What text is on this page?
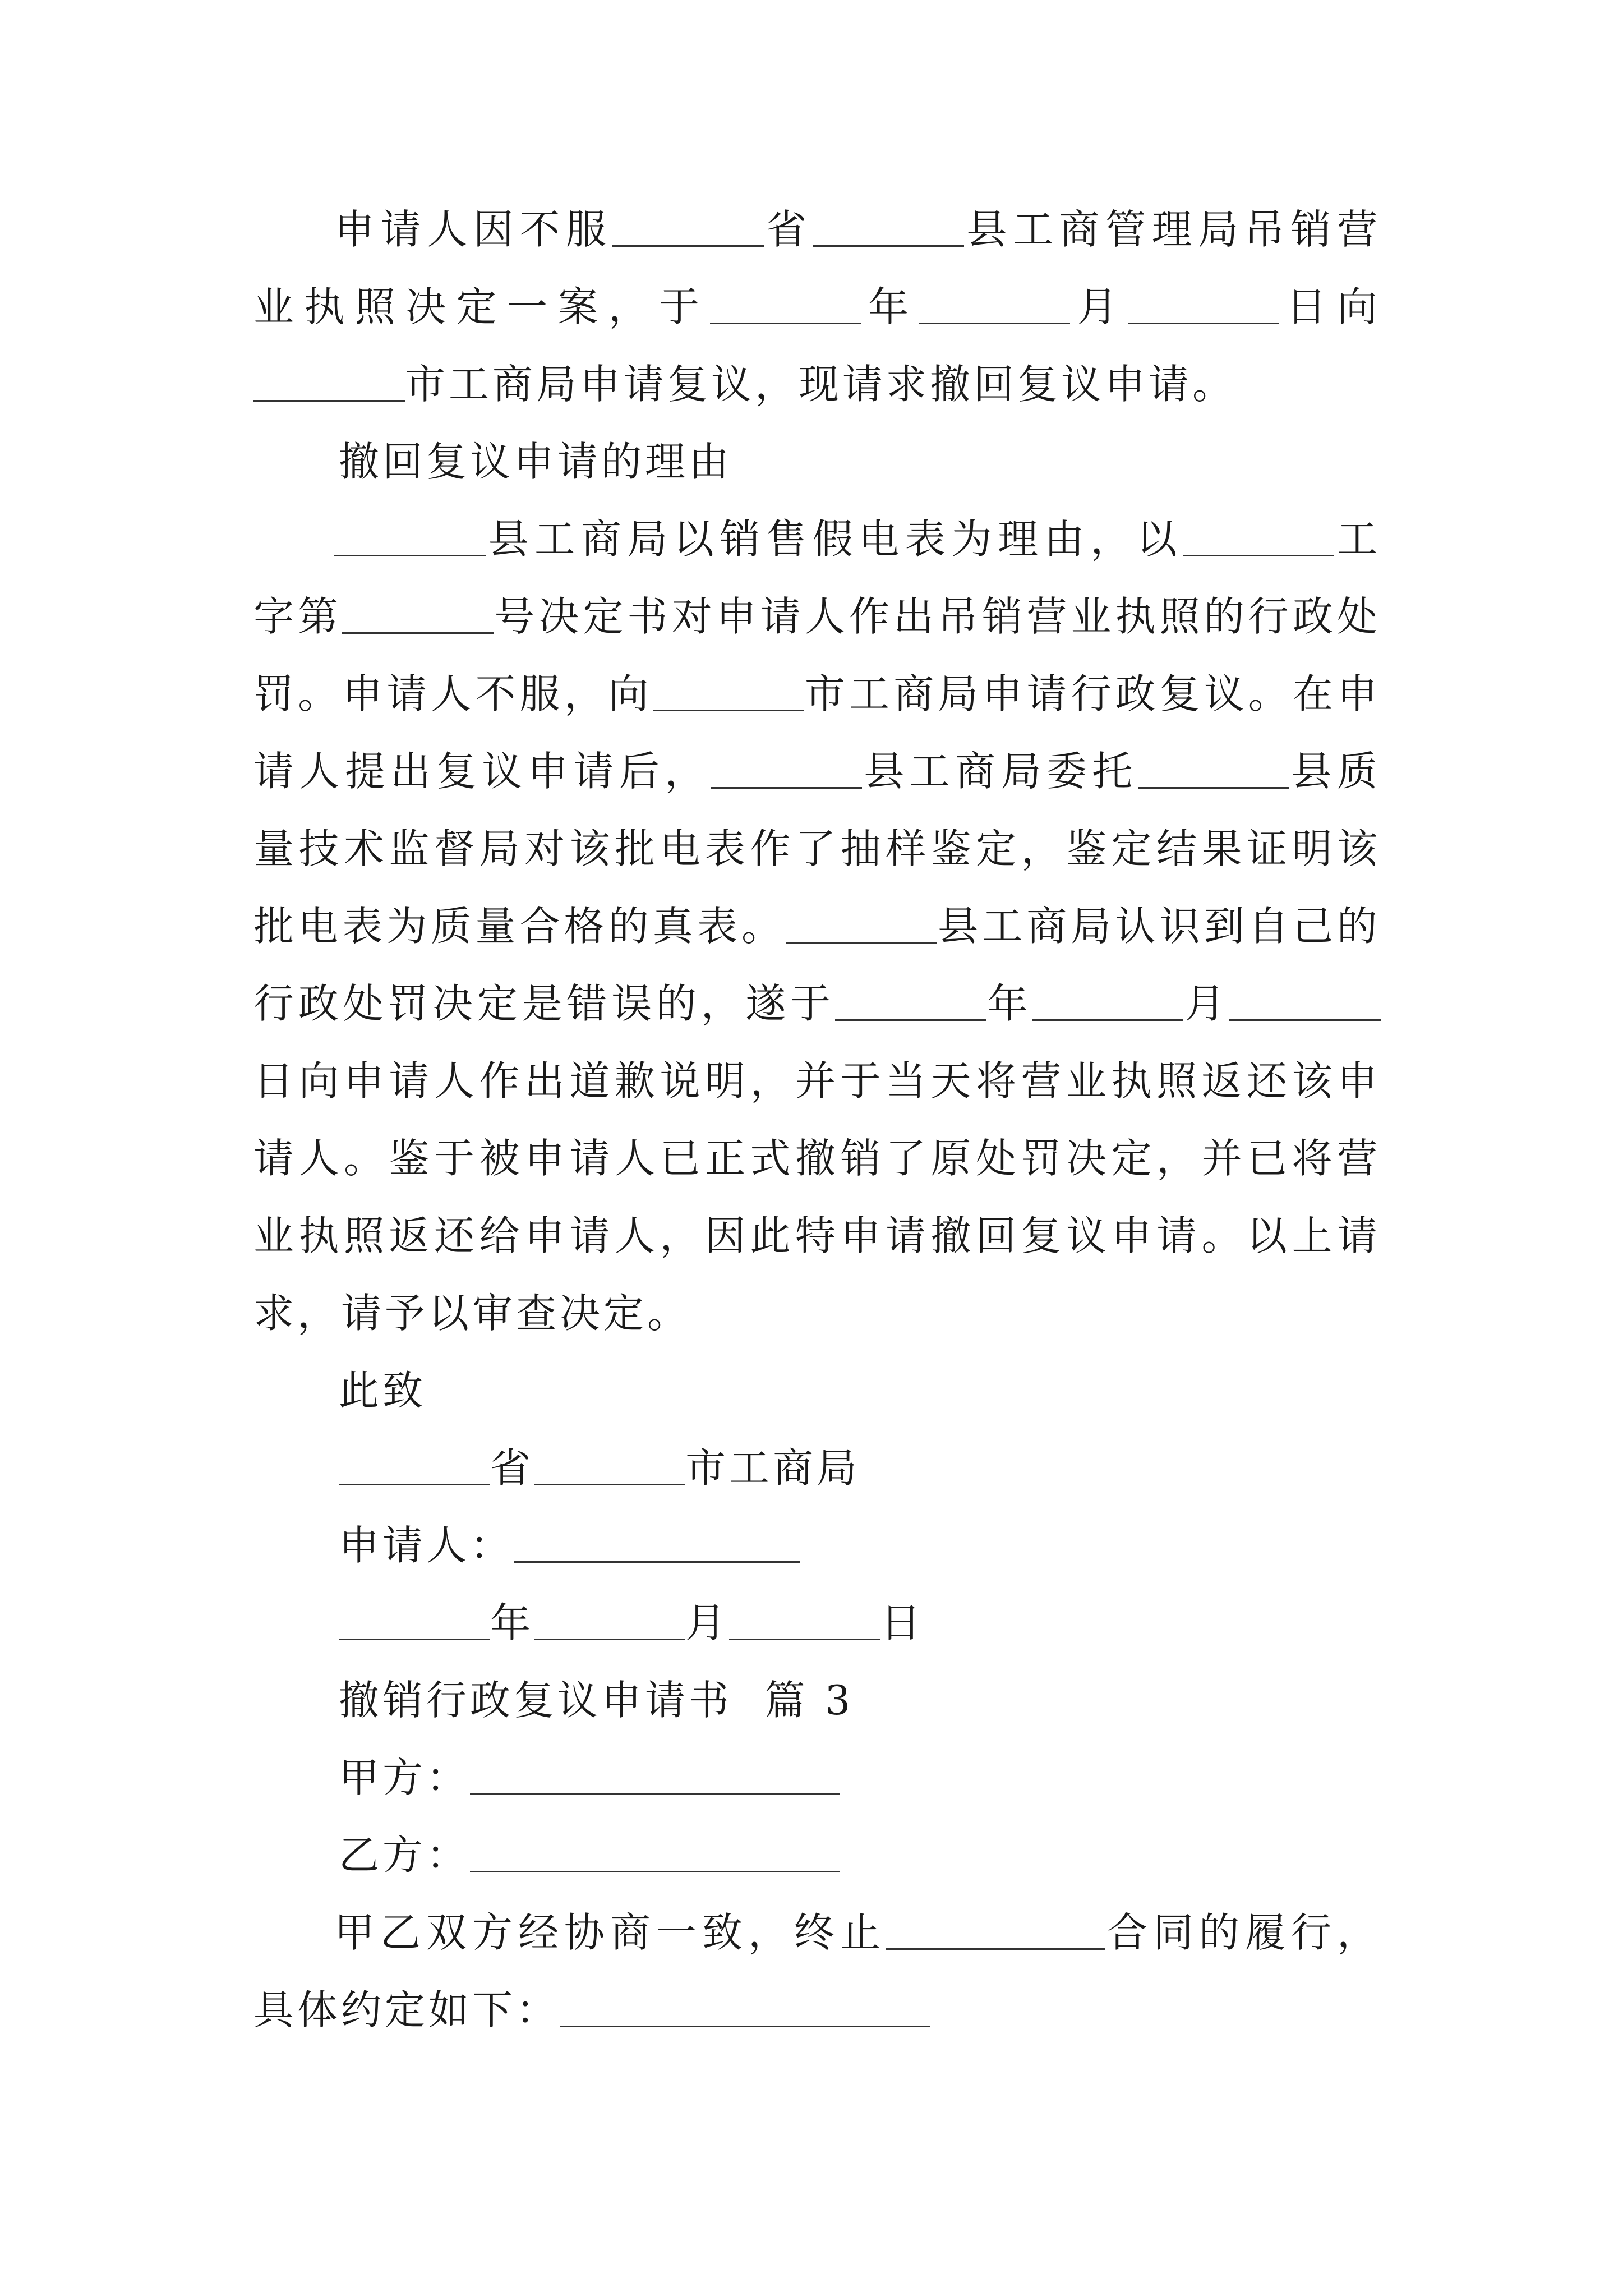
申请人因不服	省	县工商管理局吊销营业执照决定一案，于	年	月	日向市工商局申请复议，现请求撤回复议申请。

撤回复议申请的理由

县工商局以销售假电表为理由，以	工字第	号决定书对申请人作出吊销营业执照的行政处罚。申请人不服，向	市工商局申请行政复议。在申请人提出复议申请后，	县工商局委托	县质量技术监督局对该批电表作了抽样鉴定，鉴定结果证明该批电表为质量合格的真表。	县工商局认识到自己的行政处罚决定是错误的，遂于	年	月日向申请人作出道歉说明，并于当天将营业执照返还该申请人。鉴于被申请人已正式撤销了原处罚决定，并已将营业执照返还给申请人，因此特申请撤回复议申请。以上请求，请予以审查决定。

此致

省	市工商局

申请人：

年	月	日

撤销行政复议申请书  篇 3

甲方：

乙方：

甲乙双方经协商一致，终止	合同的履行，具体约定如下：
